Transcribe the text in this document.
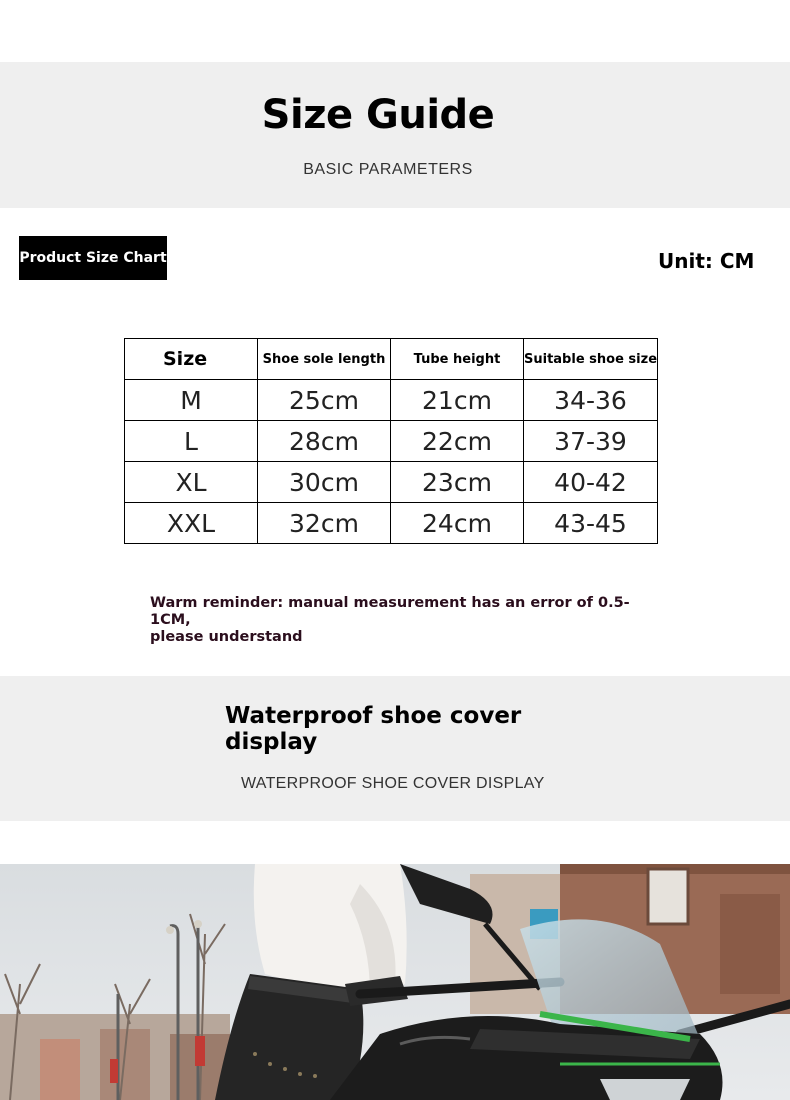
Size Guide
BASIC PARAMETERS
Product Size Chart	Unit: CM
Size	Shoe sole length	Tube height	Suitable shoe size
M	25cm	21cm	34-36
L	28cm	22cm	37-39
XL	30cm	23cm	40-42
XXL	32cm	24cm	43-45
Warm reminder: manual measurement has an error of 0.5-1CM,
please understand
Waterproof shoe cover
display
WATERPROOF SHOE COVER DISPLAY
